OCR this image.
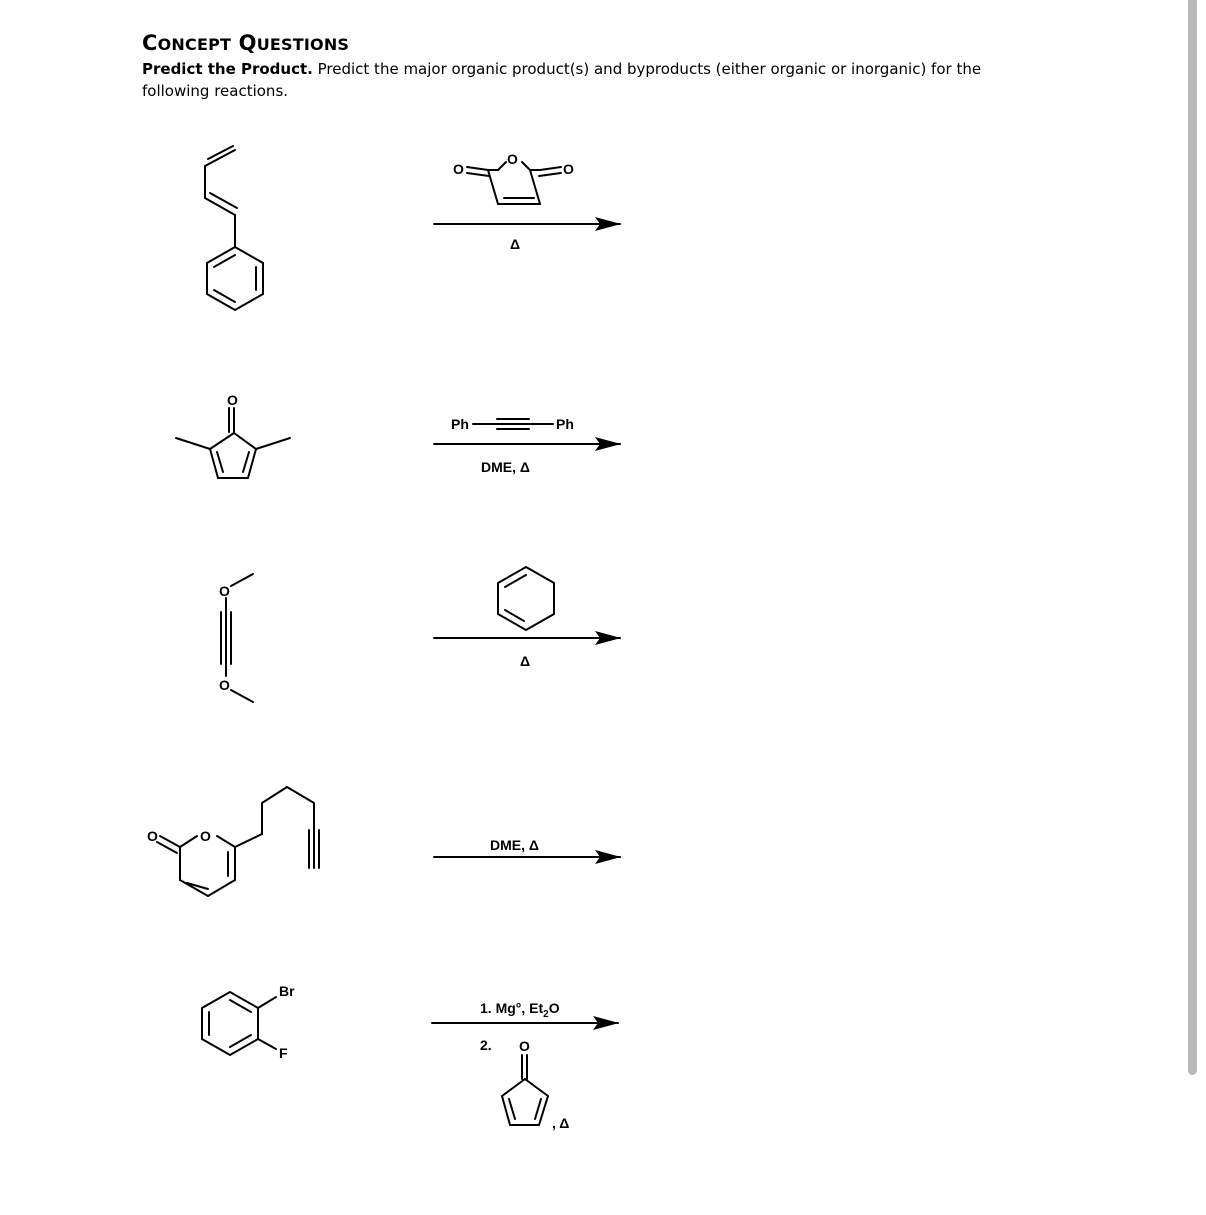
CONCEPT QUESTIONS

Predict the Product. Predict the major organic product(s) and byproducts (either organic or inorganic) for the following reactions.

O
O	O
Δ
O
Ph	Ph
DME, Δ
O
O
Δ
O
O
DME, Δ
Br
F
1. Mg°, $Et_2O$
2. O
, Δ
